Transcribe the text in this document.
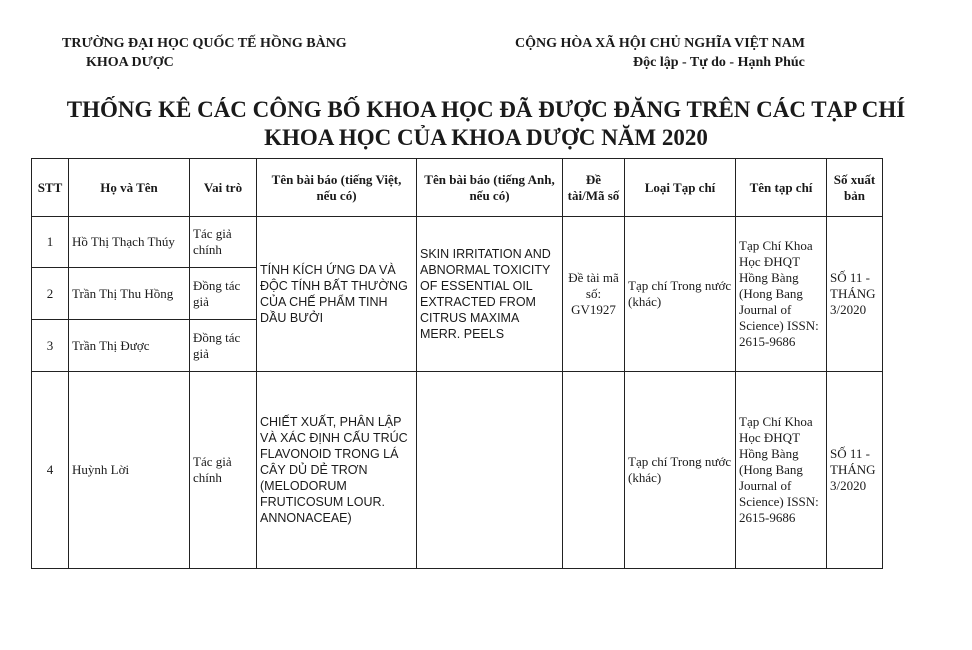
TRƯỜNG ĐẠI HỌC QUỐC TẾ HỒNG BÀNG
KHOA DƯỢC
CỘNG HÒA XÃ HỘI CHỦ NGHĨA VIỆT NAM
Độc lập - Tự do - Hạnh Phúc
THỐNG KÊ CÁC CÔNG BỐ KHOA HỌC ĐÃ ĐƯỢC ĐĂNG TRÊN CÁC TẠP CHÍ
KHOA HỌC CỦA KHOA DƯỢC NĂM 2020
STT	Họ và Tên	Vai trò	Tên bài báo (tiếng Việt, nếu có)	Tên bài báo (tiếng Anh, nếu có)	Đề tài/Mã số	Loại Tạp chí	Tên tạp chí	Số xuất bản
1	Hồ Thị Thạch Thúy	Tác giả chính	TÍNH KÍCH ỨNG DA VÀ ĐỘC TÍNH BẤT THƯỜNG CỦA CHẾ PHẨM TINH DẦU BƯỞI	SKIN IRRITATION AND ABNORMAL TOXICITY OF ESSENTIAL OIL EXTRACTED FROM CITRUS MAXIMA MERR. PEELS	Đề tài mã số: GV1927	Tạp chí Trong nước (khác)	Tạp Chí Khoa Học ĐHQT Hồng Bàng (Hong Bang Journal of Science) ISSN: 2615-9686	SỐ 11 - THÁNG 3/2020
2	Trần Thị Thu Hồng	Đồng tác giả						
3	Trần Thị Được	Đồng tác giả						
4	Huỳnh Lời	Tác giả chính	CHIẾT XUẤT, PHÂN LẬP VÀ XÁC ĐỊNH CẤU TRÚC FLAVONOID TRONG LÁ CÂY DỦ DẺ TRƠN (MELODORUM FRUTICOSUM LOUR. ANNONACEAE)			Tạp chí Trong nước (khác)	Tạp Chí Khoa Học ĐHQT Hồng Bàng (Hong Bang Journal of Science) ISSN: 2615-9686	SỐ 11 - THÁNG 3/2020
